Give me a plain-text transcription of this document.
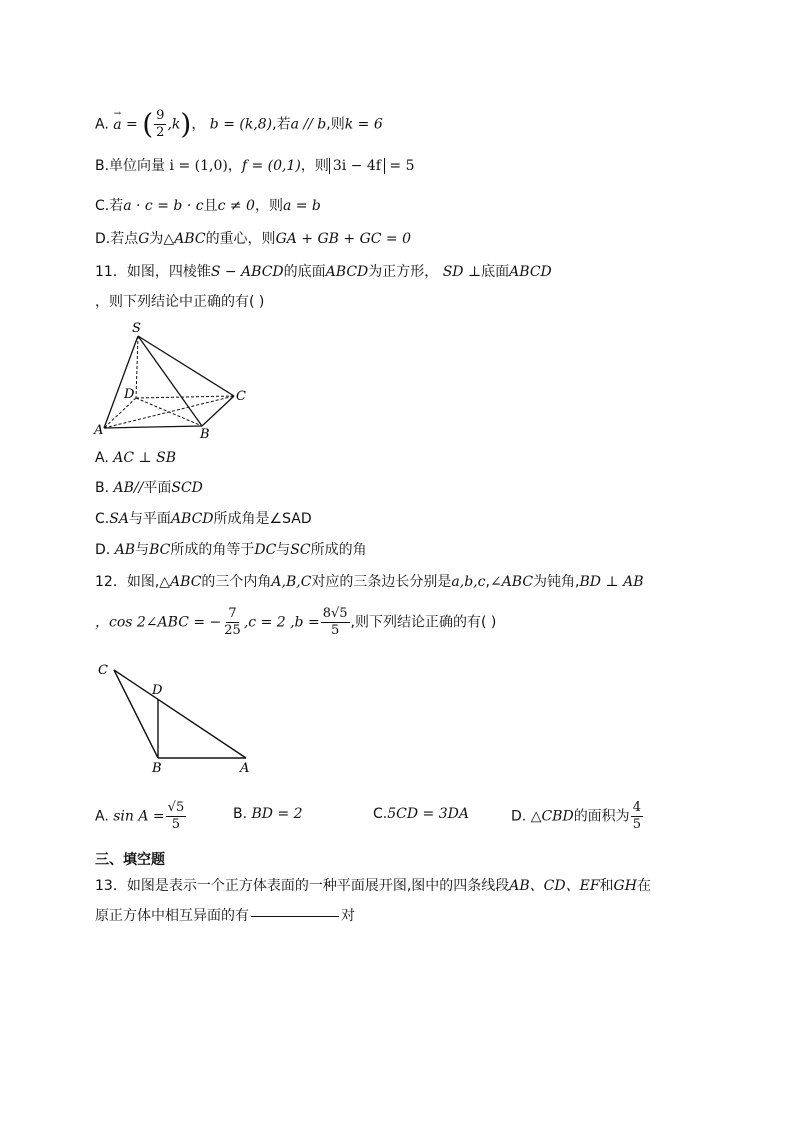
A. → a = ( $\frac{9}{2} ,k$)， b = (k,8),若a // b,则k = 6
B.单位向量 i = (1,0)，f = (0,1)，则 3i − 4f = 5
C.若a · c = b · c且c ≠ 0，则a = b
D.若点G为△ABC的重心，则GA + GB + GC = 0
11．如图，四棱锥S − ABCD的底面ABCD为正方形， SD ⊥底面ABCD
，则下列结论中正确的有( )
S
D	C
A	B
A. AC ⊥ SB
B. AB//平面SCD
C.SA与平面ABCD所成角是∠SAD
D. AB与BC所成的角等于DC与SC所成的角
12．如图,△ABC的三个内角A,B,C对应的三条边长分别是a,b,c,∠ABC为钝角,BD ⊥ AB
，cos 2∠ABC = − $\frac{7}{25} ,c = 2$ $,b = \frac{8√5}{5}$ ,则下列结论正确的有( )
C
D
B	A
A. $\sin A = \frac{√5}{5}$	B. BD = 2	C.5CD = 3DA	D. △CBD的面积为 $\frac{4}{5}$
三、填空题
13．如图是表示一个正方体表面的一种平面展开图,图中的四条线段AB、CD、EF和GH在
原正方体中相互异面的有	对
